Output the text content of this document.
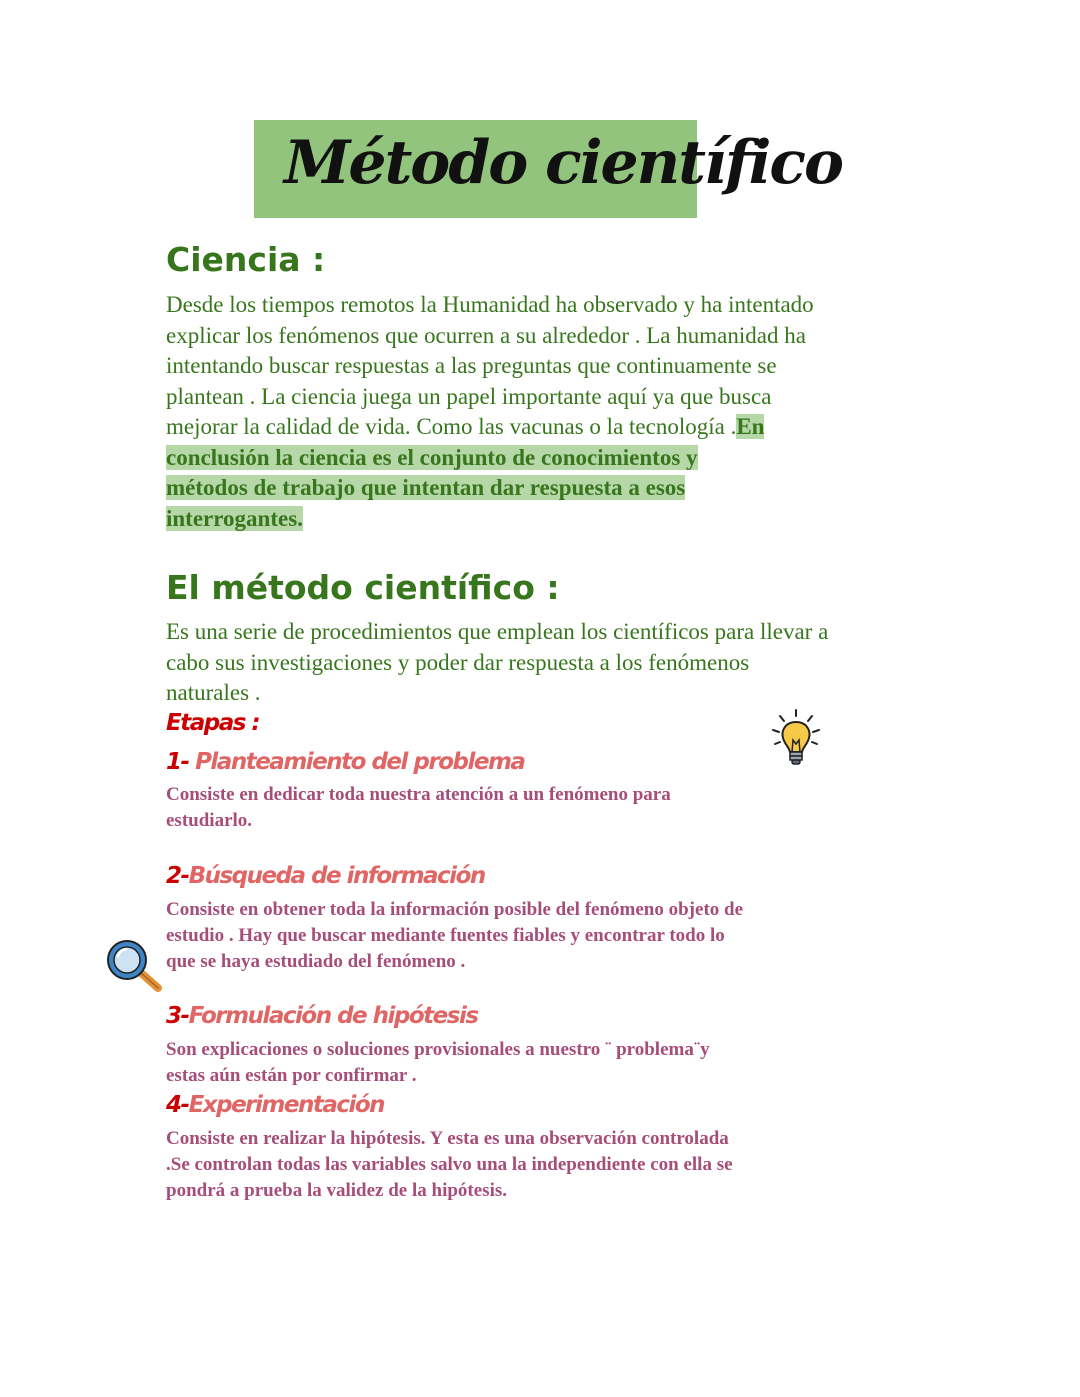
Método científico
Ciencia :
Desde los tiempos remotos la Humanidad ha observado y ha intentado
explicar los fenómenos que ocurren a su alrededor . La humanidad ha
intentando buscar respuestas a las preguntas que continuamente se
plantean . La ciencia juega un papel importante aquí ya que busca
mejorar la calidad de vida. Como las vacunas o la tecnología .En
conclusión la ciencia es el conjunto de conocimientos y
métodos de trabajo que intentan dar respuesta a esos
interrogantes.
El método científico :
Es una serie de procedimientos que emplean los científicos para llevar a
cabo sus investigaciones y poder dar respuesta a los fenómenos
naturales .
Etapas :
1- Planteamiento del problema
Consiste en dedicar toda nuestra atención a un fenómeno para
estudiarlo.
2-Búsqueda de información
Consiste en obtener toda la información posible del fenómeno objeto de
estudio . Hay que buscar mediante fuentes fiables y encontrar todo lo
que se haya estudiado del fenómeno .
3-Formulación de hipótesis
Son explicaciones o soluciones provisionales a nuestro ¨ problema¨y
estas aún están por confirmar .
4-Experimentación
Consiste en realizar la hipótesis. Y esta es una observación controlada
.Se controlan todas las variables salvo una la independiente con ella se
pondrá a prueba la validez de la hipótesis.
